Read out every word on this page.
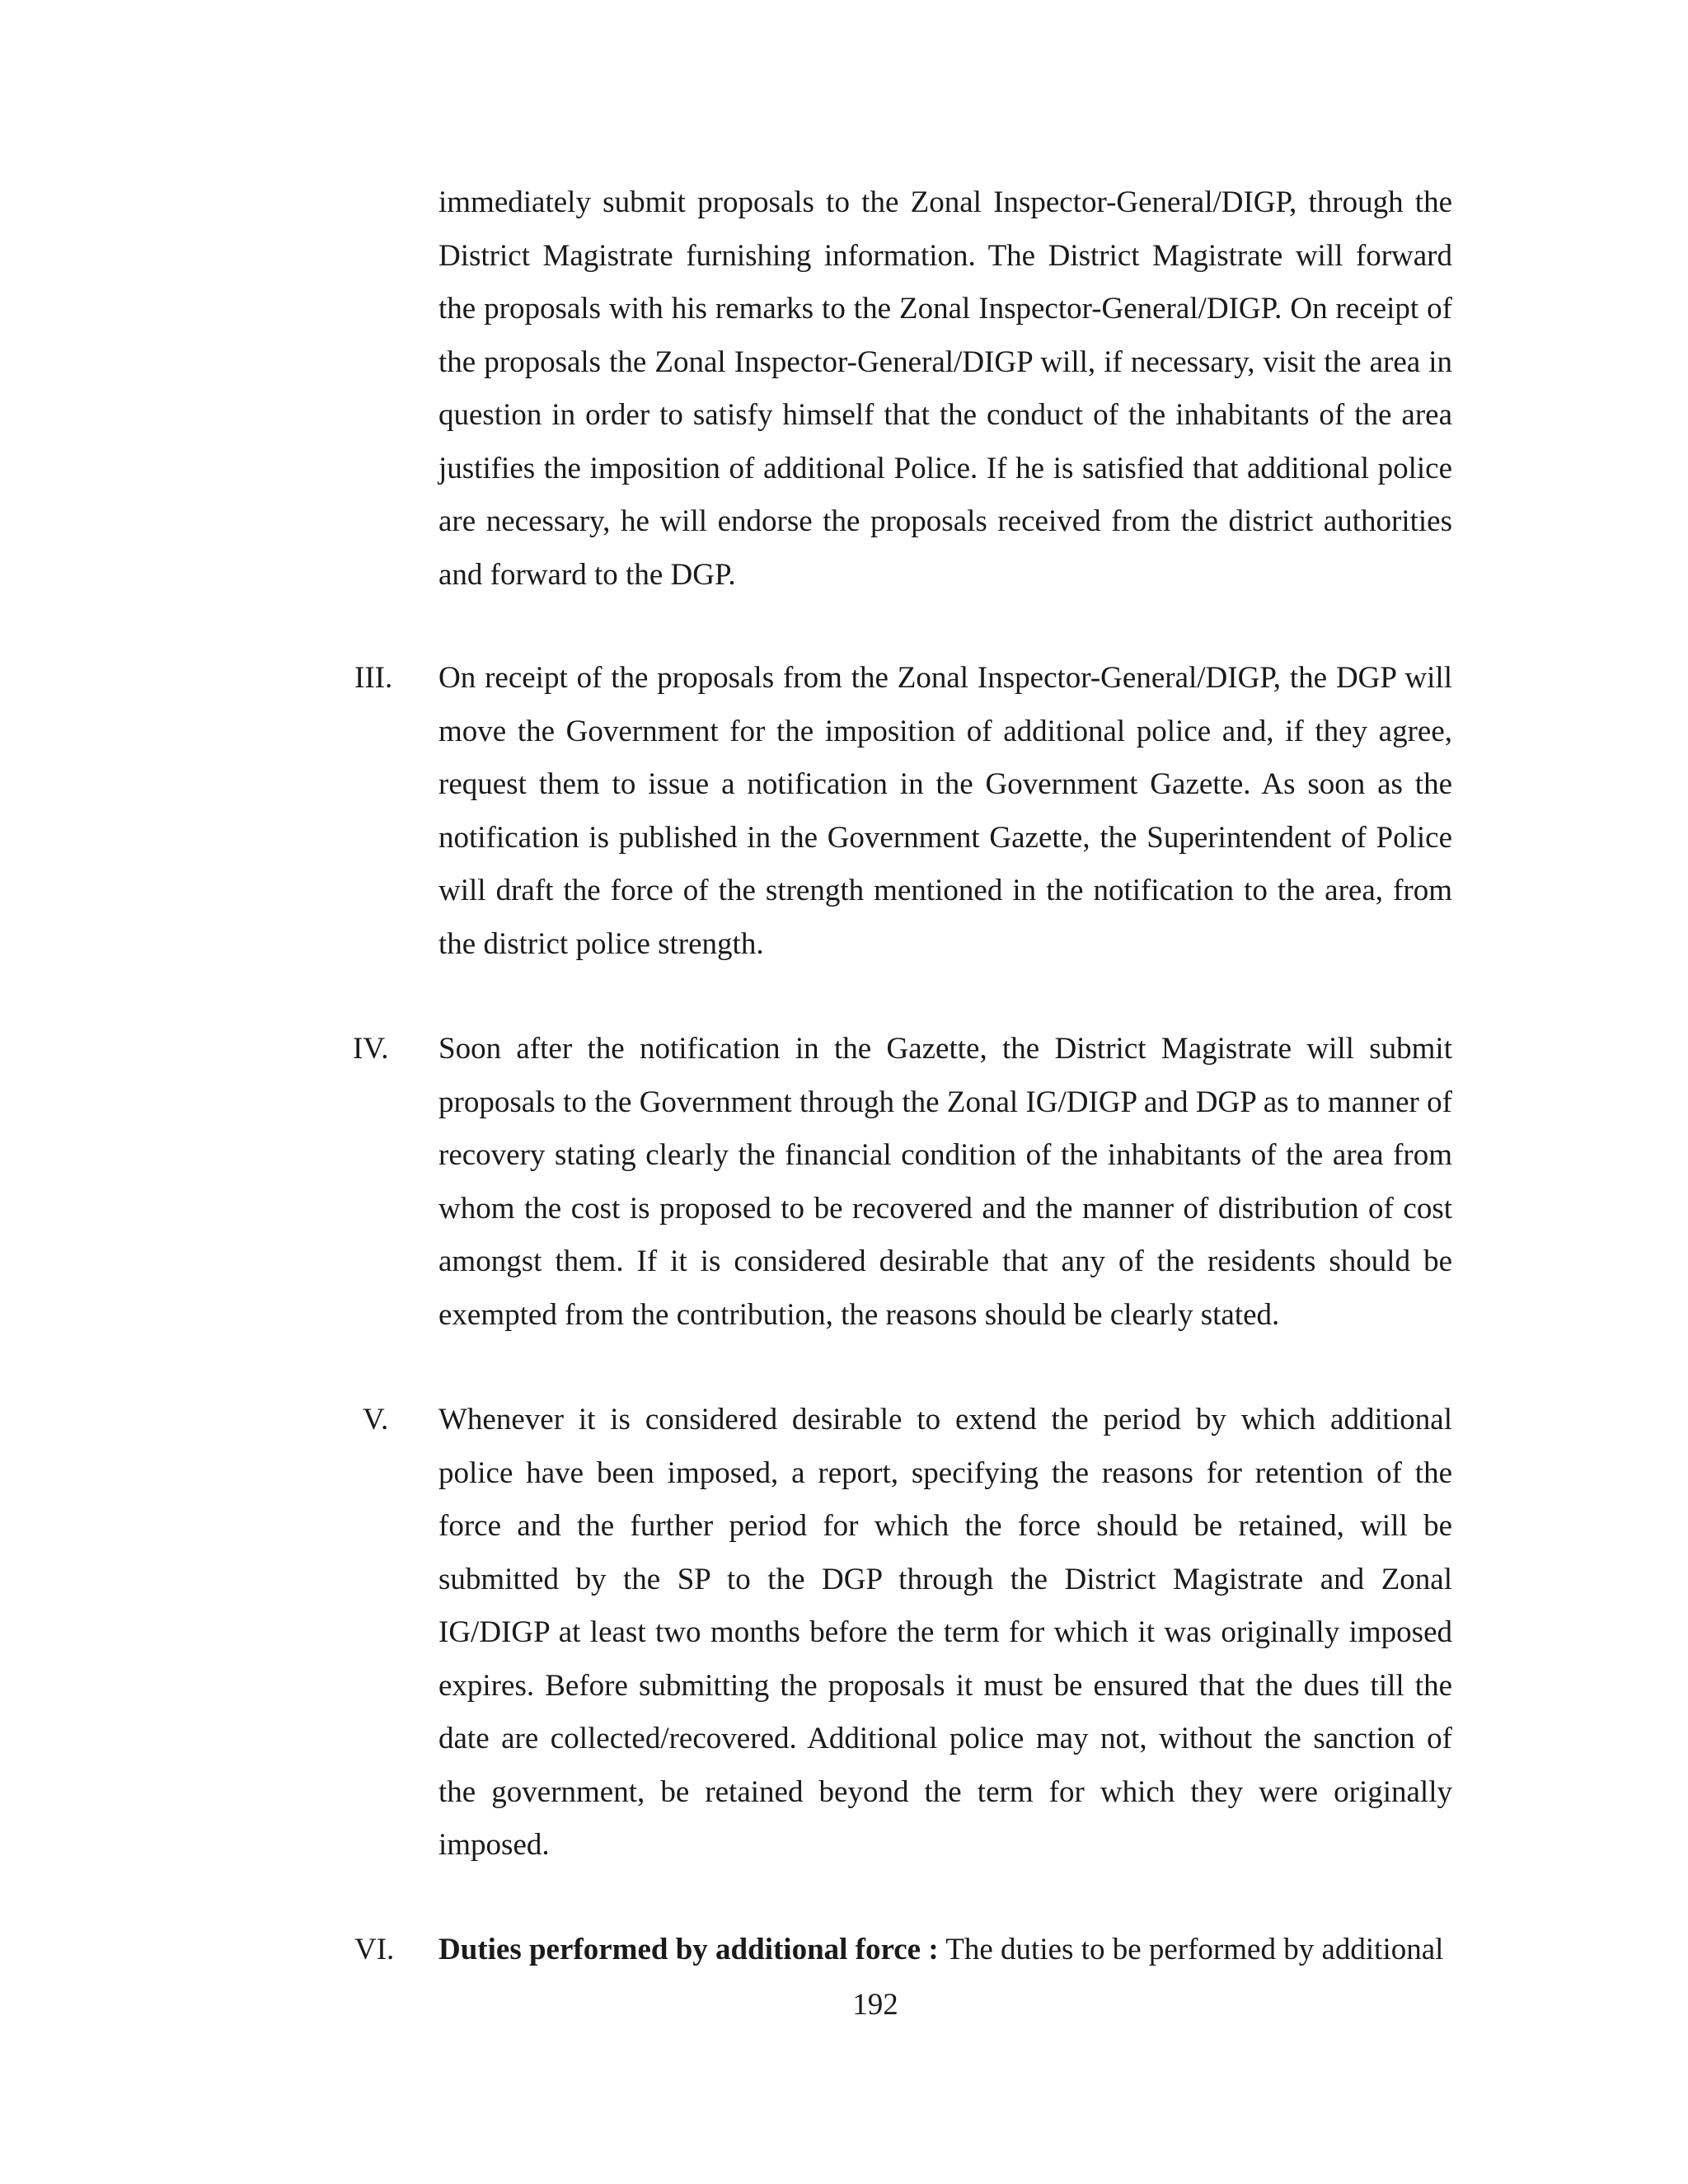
immediately submit proposals to the Zonal Inspector-General/DIGP, through the District Magistrate furnishing information. The District Magistrate will forward the proposals with his remarks to the Zonal Inspector-General/DIGP. On receipt of the proposals the Zonal Inspector-General/DIGP will, if necessary, visit the area in question in order to satisfy himself that the conduct of the inhabitants of the area justifies the imposition of additional Police. If he is satisfied that additional police are necessary, he will endorse the proposals received from the district authorities and forward to the DGP.
III. On receipt of the proposals from the Zonal Inspector-General/DIGP, the DGP will move the Government for the imposition of additional police and, if they agree, request them to issue a notification in the Government Gazette. As soon as the notification is published in the Government Gazette, the Superintendent of Police will draft the force of the strength mentioned in the notification to the area, from the district police strength.
IV. Soon after the notification in the Gazette, the District Magistrate will submit proposals to the Government through the Zonal IG/DIGP and DGP as to manner of recovery stating clearly the financial condition of the inhabitants of the area from whom the cost is proposed to be recovered and the manner of distribution of cost amongst them. If it is considered desirable that any of the residents should be exempted from the contribution, the reasons should be clearly stated.
V. Whenever it is considered desirable to extend the period by which additional police have been imposed, a report, specifying the reasons for retention of the force and the further period for which the force should be retained, will be submitted by the SP to the DGP through the District Magistrate and Zonal IG/DIGP at least two months before the term for which it was originally imposed expires. Before submitting the proposals it must be ensured that the dues till the date are collected/recovered. Additional police may not, without the sanction of the government, be retained beyond the term for which they were originally imposed.
VI. Duties performed by additional force : The duties to be performed by additional
192
